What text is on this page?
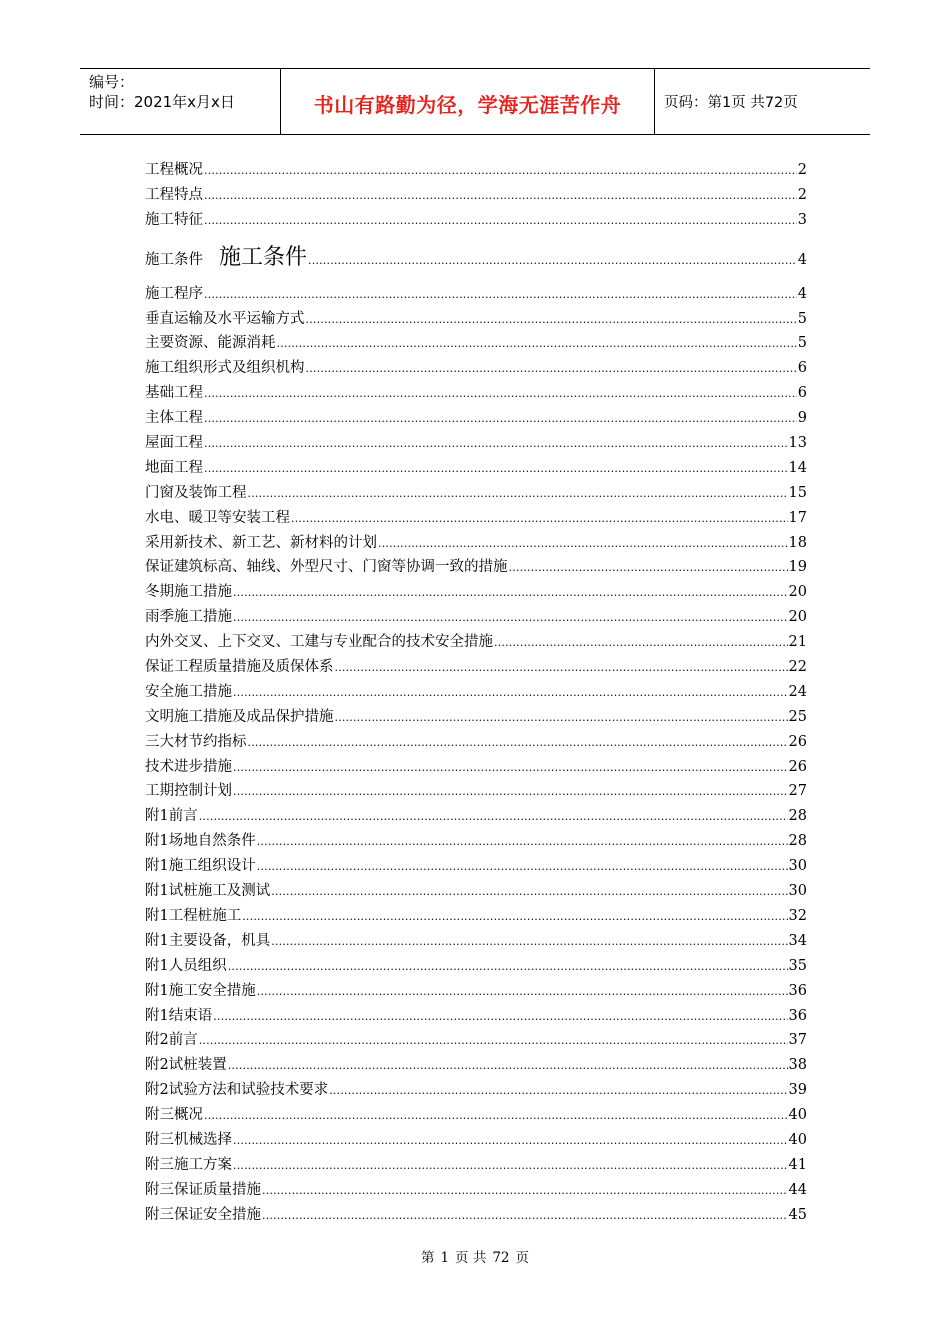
编号：
时间：2021年x月x日	书山有路勤为径，学海无涯苦作舟	页码：第1页 共72页
工程概况 .....	2
工程特点 .....	2
施工特征 .....	3
施工条件 施工条件 .....	4
施工程序 .....	4
垂直运输及水平运输方式 .....	5
主要资源、能源消耗 .....	5
施工组织形式及组织机构 .....	6
基础工程 .....	6
主体工程 .....	9
屋面工程 .....	13
地面工程 .....	14
门窗及装饰工程 .....	15
水电、暖卫等安装工程 .....	17
采用新技术、新工艺、新材料的计划 .....	18
保证建筑标高、轴线、外型尺寸、门窗等协调一致的措施 .....	19
冬期施工措施 .....	20
雨季施工措施 .....	20
内外交叉、上下交叉、工建与专业配合的技术安全措施 .....	21
保证工程质量措施及质保体系 .....	22
安全施工措施 .....	24
文明施工措施及成品保护措施 .....	25
三大材节约指标 .....	26
技术进步措施 .....	26
工期控制计划 .....	27
附1前言 .....	28
附1场地自然条件 .....	28
附1施工组织设计 .....	30
附1试桩施工及测试 .....	30
附1工程桩施工 .....	32
附1主要设备，机具 .....	34
附1人员组织 .....	35
附1施工安全措施 .....	36
附1结束语 .....	36
附2前言 .....	37
附2试桩装置 .....	38
附2试验方法和试验技术要求 .....	39
附三概况 .....	40
附三机械选择 .....	40
附三施工方案 .....	41
附三保证质量措施 .....	44
附三保证安全措施 .....	45
第 1 页 共 72 页
